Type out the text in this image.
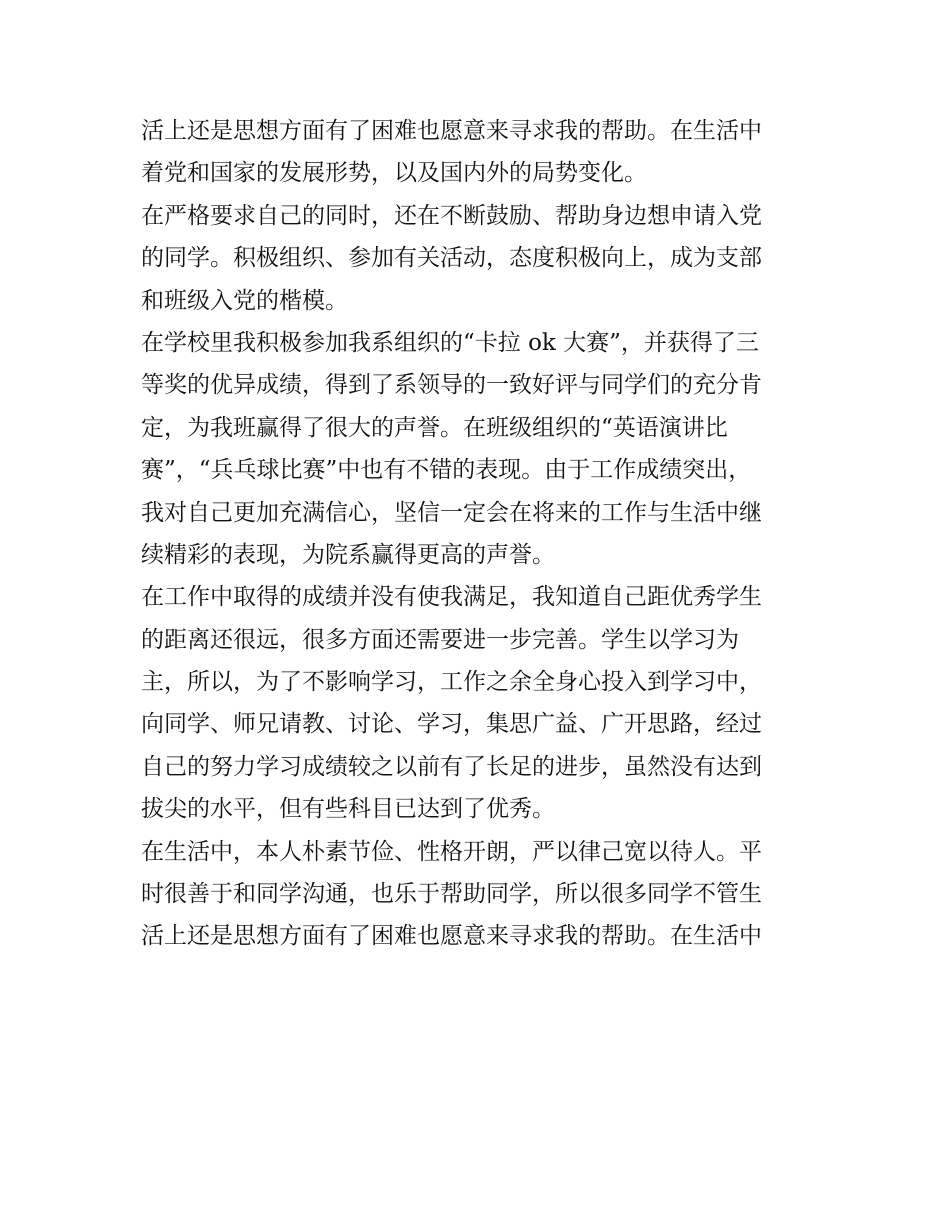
活上还是思想方面有了困难也愿意来寻求我的帮助。在生活中
着党和国家的发展形势，以及国内外的局势变化。
在严格要求自己的同时，还在不断鼓励、帮助身边想申请入党
的同学。积极组织、参加有关活动，态度积极向上，成为支部
和班级入党的楷模。
在学校里我积极参加我系组织的“卡拉 ok 大赛”，并获得了三
等奖的优异成绩，得到了系领导的一致好评与同学们的充分肯
定，为我班赢得了很大的声誉。在班级组织的“英语演讲比
赛”，“兵乓球比赛”中也有不错的表现。由于工作成绩突出，
我对自己更加充满信心，坚信一定会在将来的工作与生活中继
续精彩的表现，为院系赢得更高的声誉。
在工作中取得的成绩并没有使我满足，我知道自己距优秀学生
的距离还很远，很多方面还需要进一步完善。学生以学习为
主，所以，为了不影响学习，工作之余全身心投入到学习中，
向同学、师兄请教、讨论、学习，集思广益、广开思路，经过
自己的努力学习成绩较之以前有了长足的进步，虽然没有达到
拔尖的水平，但有些科目已达到了优秀。
在生活中，本人朴素节俭、性格开朗，严以律己宽以待人。平
时很善于和同学沟通，也乐于帮助同学，所以很多同学不管生
活上还是思想方面有了困难也愿意来寻求我的帮助。在生活中
